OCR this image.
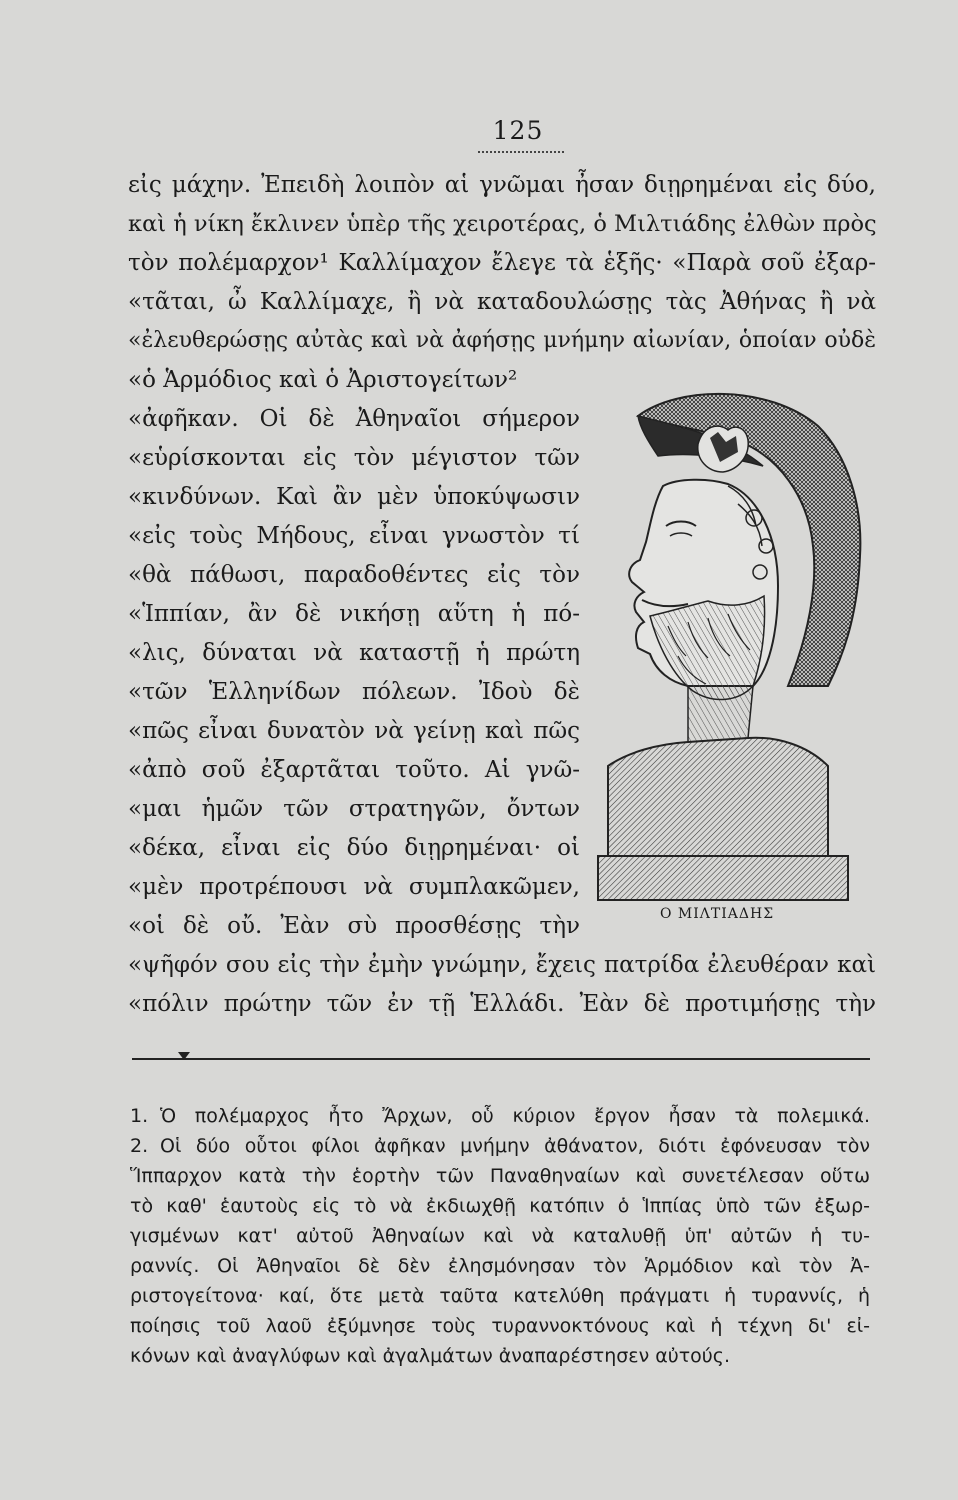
125
εἰς μάχην. Ἐπειδὴ λοιπὸν αἱ γνῶμαι ἦσαν διῃρημέναι εἰς δύο,
καὶ ἡ νίκη ἔκλινεν ὑπὲρ τῆς χειροτέρας, ὁ Μιλτιάδης ἐλθὼν πρὸς
τὸν πολέμαρχον¹ Καλλίμαχον ἔλεγε τὰ ἑξῆς· «Παρὰ σοῦ ἐξαρ-
«τᾶται, ὦ Καλλίμαχε, ἢ νὰ καταδουλώσῃς τὰς Ἀθήνας ἢ νὰ
«ἐλευθερώσῃς αὐτὰς καὶ νὰ ἀφήσῃς μνήμην αἰωνίαν, ὁποίαν οὐδὲ
«ὁ Ἁρμόδιος καὶ ὁ Ἀριστογείτων²
«ἀφῆκαν. Οἱ δὲ Ἀθηναῖοι σήμερον
«εὑρίσκονται εἰς τὸν μέγιστον τῶν
«κινδύνων. Καὶ ἂν μὲν ὑποκύψωσιν
«εἰς τοὺς Μήδους, εἶναι γνωστὸν τί
«θὰ πάθωσι, παραδοθέντες εἰς τὸν
«Ἱππίαν, ἂν δὲ νικήσῃ αὕτη ἡ πό-
«λις, δύναται νὰ καταστῇ ἡ πρώτη
«τῶν Ἑλληνίδων πόλεων. Ἰδοὺ δὲ
«πῶς εἶναι δυνατὸν νὰ γείνῃ καὶ πῶς
«ἀπὸ σοῦ ἐξαρτᾶται τοῦτο. Αἱ γνῶ-
«μαι ἡμῶν τῶν στρατηγῶν, ὄντων
«δέκα, εἶναι εἰς δύο διῃρημέναι· οἱ
«μὲν προτρέπουσι νὰ συμπλακῶμεν,
«οἱ δὲ οὔ. Ἐὰν σὺ προσθέσῃς τὴν
«ψῆφόν σου εἰς τὴν ἐμὴν γνώμην, ἔχεις πατρίδα ἐλευθέραν καὶ
«πόλιν πρώτην τῶν ἐν τῇ Ἑλλάδι. Ἐὰν δὲ προτιμήσῃς τὴν
Ο ΜΙΛΤΙΑΔΗΣ
1. Ὁ πολέμαρχος ἦτο Ἄρχων, οὗ κύριον ἔργον ἦσαν τὰ πολεμικά.
2. Οἱ δύο οὗτοι φίλοι ἀφῆκαν μνήμην ἀθάνατον, διότι ἐφόνευσαν τὸν
Ἵππαρχον κατὰ τὴν ἑορτὴν τῶν Παναθηναίων καὶ συνετέλεσαν οὕτω
τὸ καθ' ἑαυτοὺς εἰς τὸ νὰ ἐκδιωχθῇ κατόπιν ὁ Ἱππίας ὑπὸ τῶν ἐξωρ-
γισμένων κατ' αὐτοῦ Ἀθηναίων καὶ νὰ καταλυθῇ ὑπ' αὐτῶν ἡ τυ-
ραννίς. Οἱ Ἀθηναῖοι δὲ δὲν ἐλησμόνησαν τὸν Ἁρμόδιον καὶ τὸν Ἀ-
ριστογείτονα· καί, ὅτε μετὰ ταῦτα κατελύθη πράγματι ἡ τυραννίς, ἡ
ποίησις τοῦ λαοῦ ἐξύμνησε τοὺς τυραννοκτόνους καὶ ἡ τέχνη δι' εἰ-
κόνων καὶ ἀναγλύφων καὶ ἀγαλμάτων ἀναπαρέστησεν αὐτούς.
